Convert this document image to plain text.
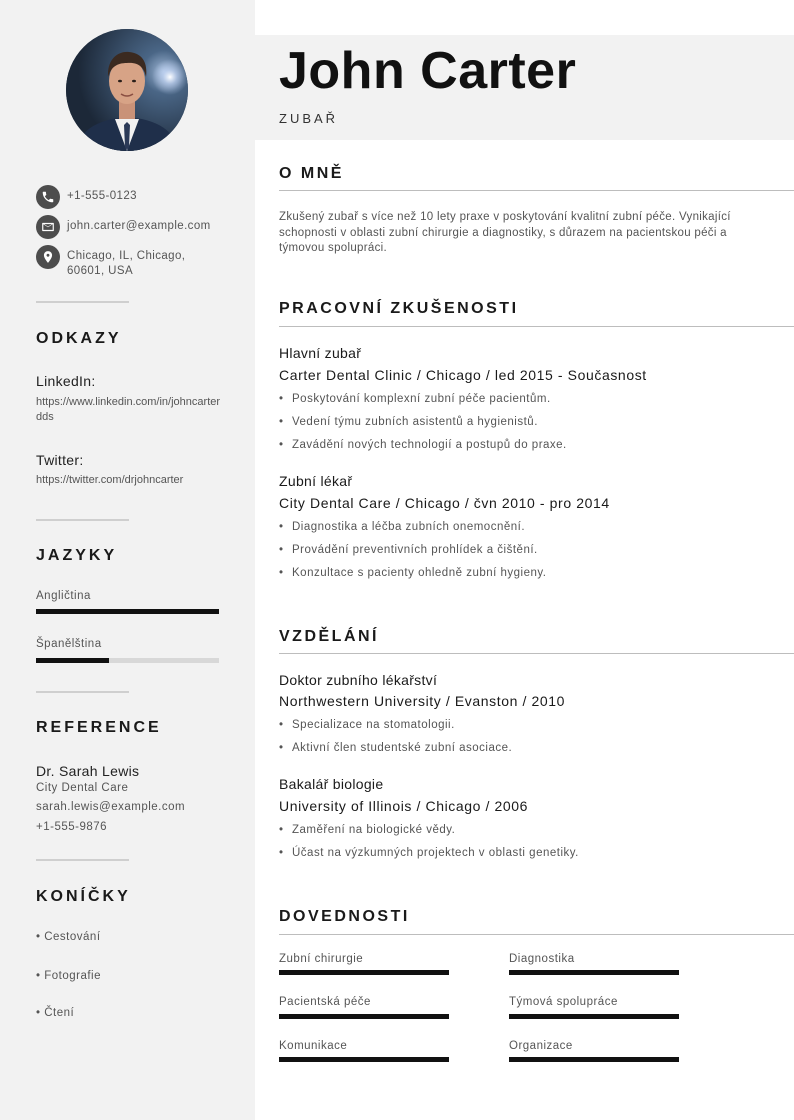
+1-555-0123
john.carter@example.com
Chicago, IL, Chicago, 60601, USA
ODKAZY
LinkedIn:
https://www.linkedin.com/in/johncarterdds
Twitter:
https://twitter.com/drjohncarter
JAZYKY
Angličtina
Španělština
REFERENCE
Dr. Sarah Lewis
City Dental Care
sarah.lewis@example.com
+1-555-9876
KONÍČKY
• Cestování
• Fotografie
• Čtení
John Carter
ZUBAŘ
O MNĚ
Zkušený zubař s více než 10 lety praxe v poskytování kvalitní zubní péče. Vynikající schopnosti v oblasti zubní chirurgie a diagnostiky, s důrazem na pacientskou péči a týmovou spolupráci.
PRACOVNÍ ZKUŠENOSTI
Hlavní zubař
Carter Dental Clinic / Chicago / led 2015 - Současnost
• Poskytování komplexní zubní péče pacientům.
• Vedení týmu zubních asistentů a hygienistů.
• Zavádění nových technologií a postupů do praxe.
Zubní lékař
City Dental Care / Chicago / čvn 2010 - pro 2014
• Diagnostika a léčba zubních onemocnění.
• Provádění preventivních prohlídek a čištění.
• Konzultace s pacienty ohledně zubní hygieny.
VZDĚLÁNÍ
Doktor zubního lékařství
Northwestern University / Evanston / 2010
• Specializace na stomatologii.
• Aktivní člen studentské zubní asociace.
Bakalář biologie
University of Illinois / Chicago / 2006
• Zaměření na biologické vědy.
• Účast na výzkumných projektech v oblasti genetiky.
DOVEDNOSTI
Zubní chirurgie	Diagnostika
Pacientská péče	Týmová spolupráce
Komunikace	Organizace
